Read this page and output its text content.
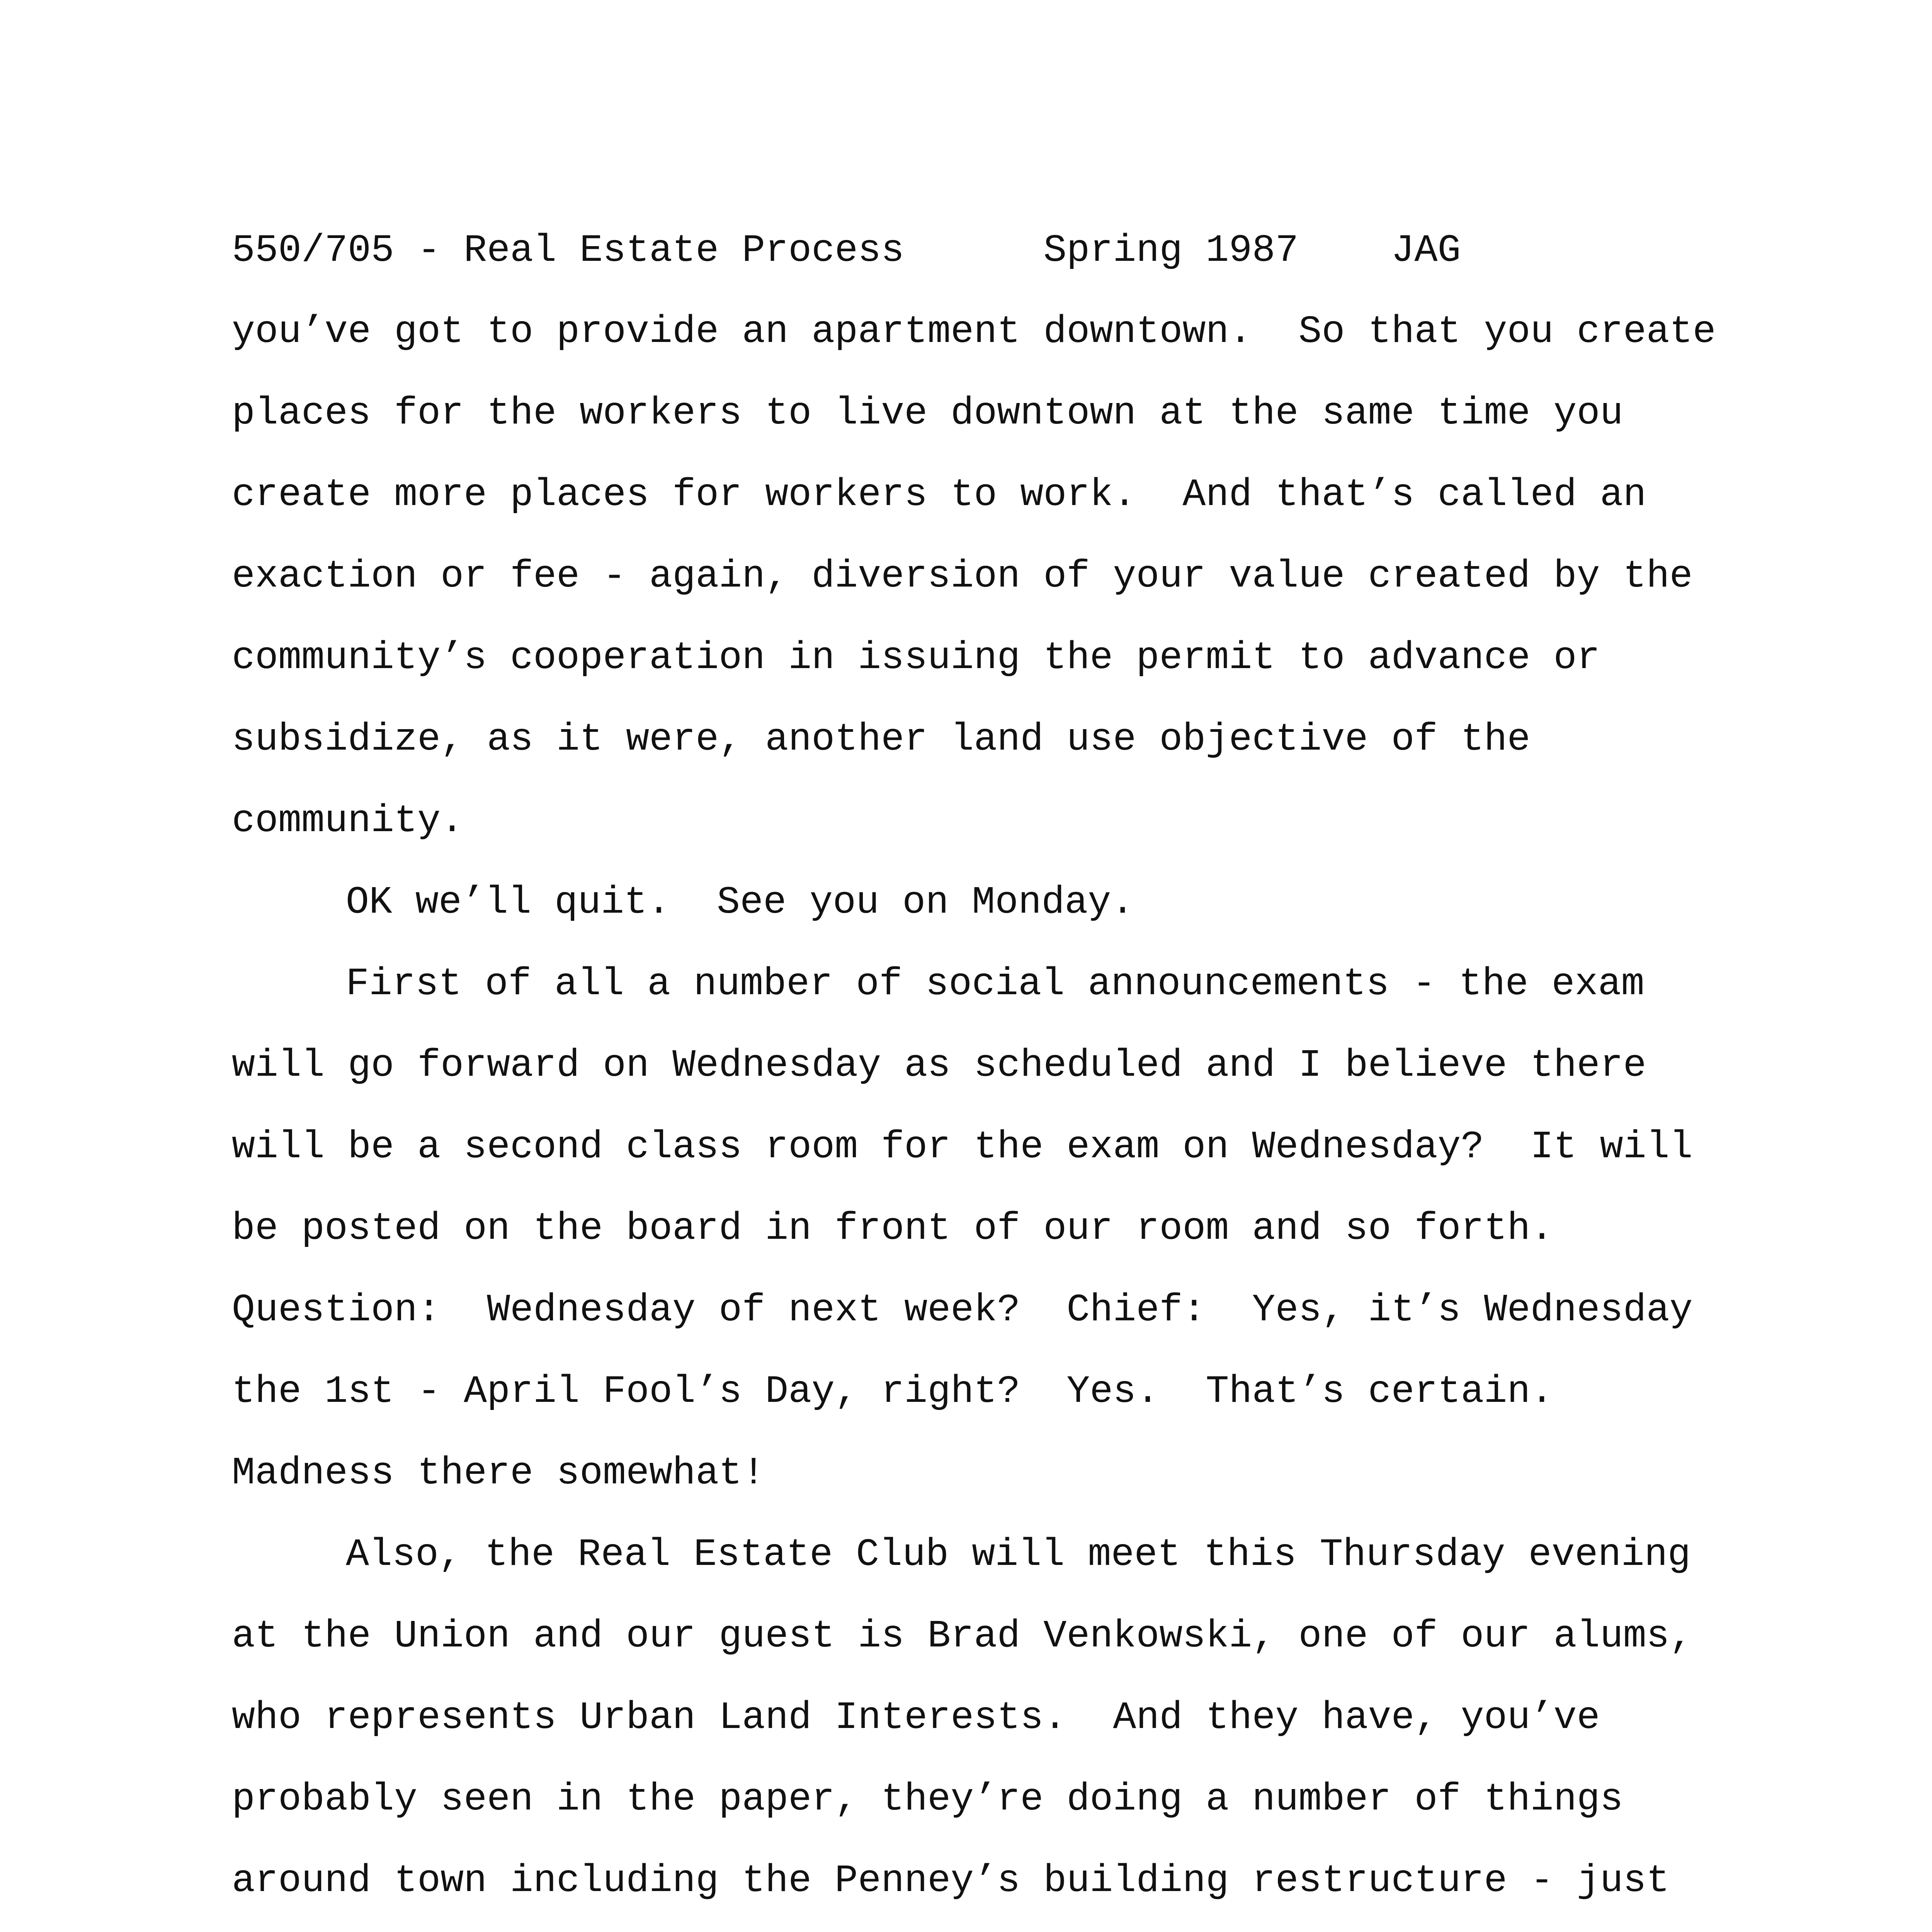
550/705 - Real Estate Process      Spring 1987    JAG

you’ve got to provide an apartment downtown.  So that you create

places for the workers to live downtown at the same time you

create more places for workers to work.  And that’s called an

exaction or fee - again, diversion of your value created by the

community’s cooperation in issuing the permit to advance or

subsidize, as it were, another land use objective of the

community.

OK we’ll quit.  See you on Monday.

First of all a number of social announcements - the exam

will go forward on Wednesday as scheduled and I believe there

will be a second class room for the exam on Wednesday?  It will

be posted on the board in front of our room and so forth.

Question:  Wednesday of next week?  Chief:  Yes, it’s Wednesday

the 1st - April Fool’s Day, right?  Yes.  That’s certain.

Madness there somewhat!

Also, the Real Estate Club will meet this Thursday evening

at the Union and our guest is Brad Venkowski, one of our alums,

who represents Urban Land Interests.  And they have, you’ve

probably seen in the paper, they’re doing a number of things

around town including the Penney’s building restructure - just
